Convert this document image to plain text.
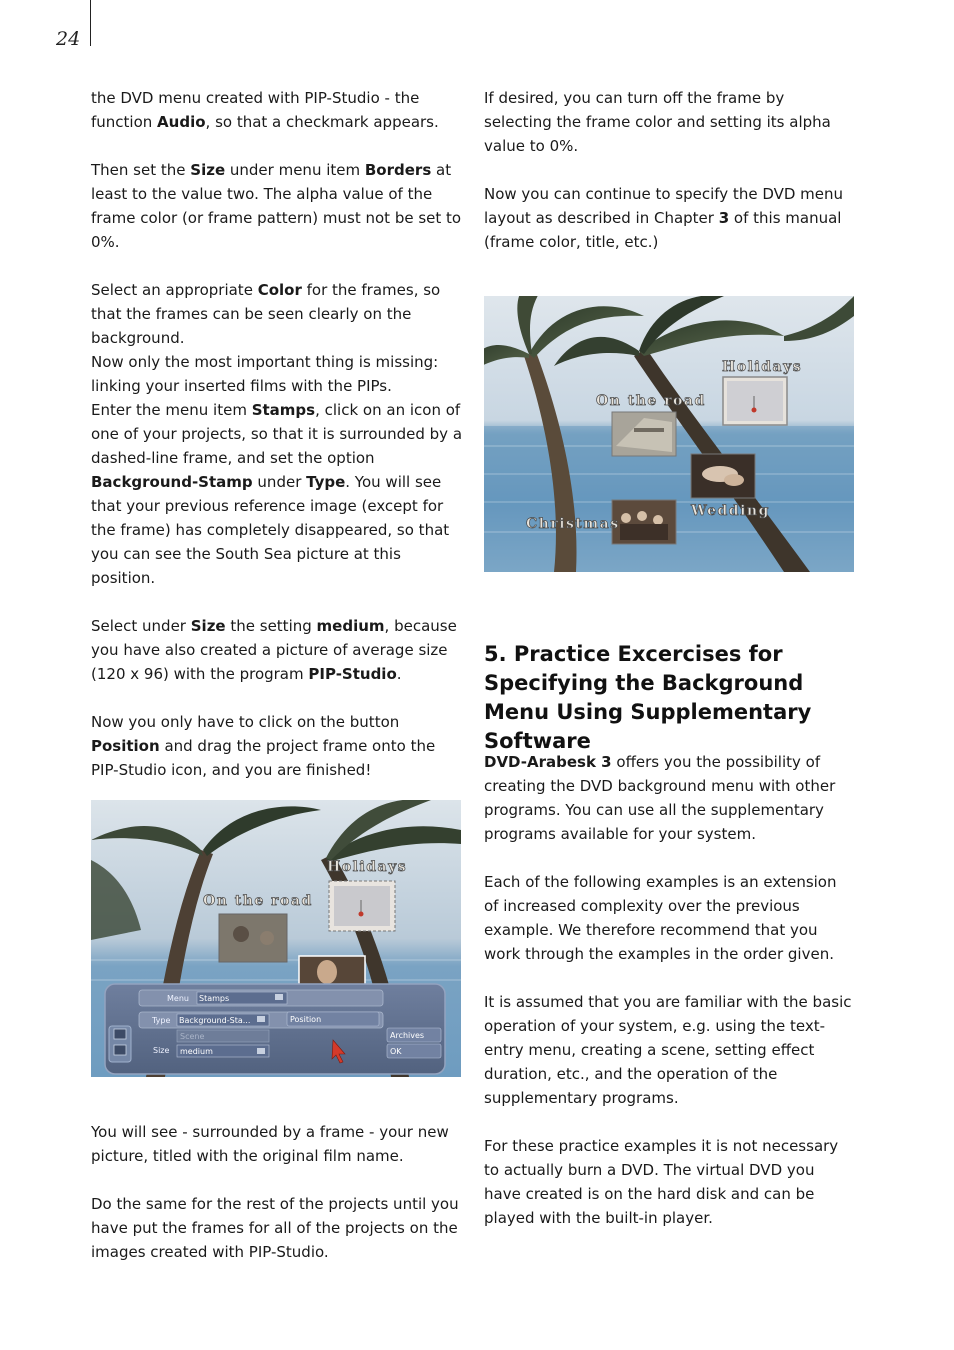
24

the DVD menu created with PIP-Studio - the function Audio, so that a checkmark appears.

Then set the Size under menu item Borders at least to the value two. The alpha value of the frame color (or frame pattern) must not be set to 0%.

Select an appropriate Color for the frames, so that the frames can be seen clearly on the background.

Now only the most important thing is missing: linking your inserted films with the PIPs.

Enter the menu item Stamps, click on an icon of one of your projects, so that it is surrounded by a dashed-line frame, and set the option Background-Stamp under Type. You will see that your previous reference image (except for the frame) has completely disappeared, so that you can see the South Sea picture at this position.

Select under Size the setting medium, because you have also created a picture of average size (120 x 96) with the program PIP-Studio.

Now you only have to click on the button Position and drag the project frame onto the PIP-Studio icon, and you are finished!

You will see - surrounded by a frame - your new picture, titled with the original film name.

Do the same for the rest of the projects until you have put the frames for all of the projects on the images created with PIP-Studio.

If desired, you can turn off the frame by selecting the frame color and setting its alpha value to 0%.

Now you can continue to specify the DVD menu layout as described in Chapter 3 of this manual (frame color, title, etc.)

5. Practice Excercises for Specifying the Background Menu Using Supplementary Software

DVD-Arabesk 3 offers you the possibility of creating the DVD background menu with other programs. You can use all the supplementary programs available for your system.

Each of the following examples is an extension of increased complexity over the previous example. We therefore recommend that you work through the examples in the order given.

It is assumed that you are familiar with the basic operation of your system, e.g. using the text-entry menu, creating a scene, setting effect duration, etc., and the operation of the supplementary programs.

For these practice examples it is not necessary to actually burn a DVD. The virtual DVD you have created is on the hard disk and can be played with the built-in player.

Holidays
On the road
Christmas
Wedding
Holidays
On the road
Menu Stamps
Type Background-Sta...	Position
Scene	Archives
Size medium	OK
